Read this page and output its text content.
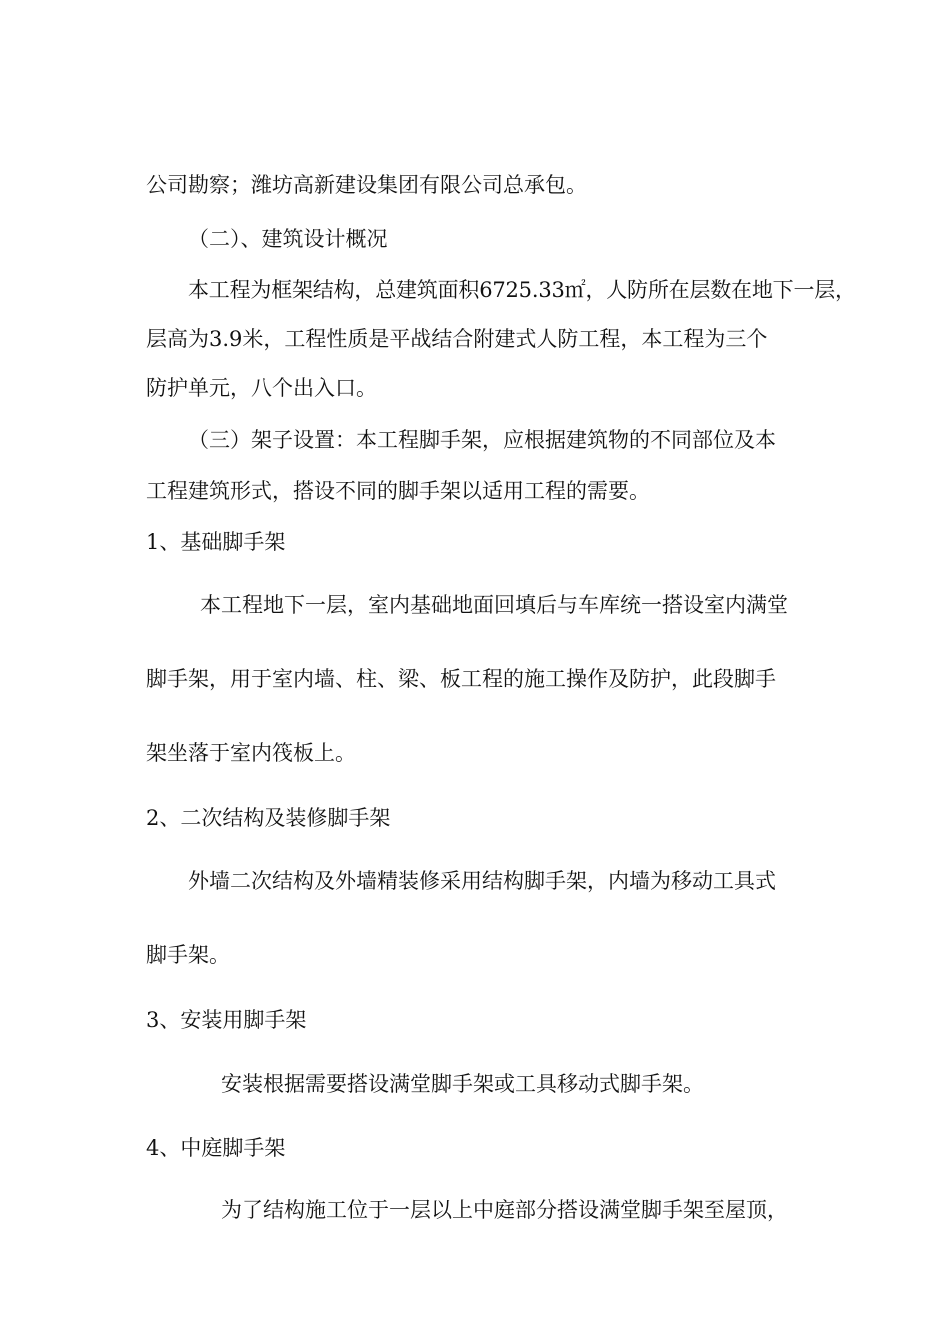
公司勘察；潍坊高新建设集团有限公司总承包。
（二）、建筑设计概况
本工程为框架结构，总建筑面积6725.33㎡，人防所在层数在地下一层，
层高为3.9米，工程性质是平战结合附建式人防工程，本工程为三个
防护单元，八个出入口。
（三）架子设置：本工程脚手架，应根据建筑物的不同部位及本
工程建筑形式，搭设不同的脚手架以适用工程的需要。
1、基础脚手架
本工程地下一层，室内基础地面回填后与车库统一搭设室内满堂
脚手架，用于室内墙、柱、梁、板工程的施工操作及防护，此段脚手
架坐落于室内筏板上。
2、二次结构及装修脚手架
外墙二次结构及外墙精装修采用结构脚手架，内墙为移动工具式
脚手架。
3、安装用脚手架
安装根据需要搭设满堂脚手架或工具移动式脚手架。
4、中庭脚手架
为了结构施工位于一层以上中庭部分搭设满堂脚手架至屋顶，
